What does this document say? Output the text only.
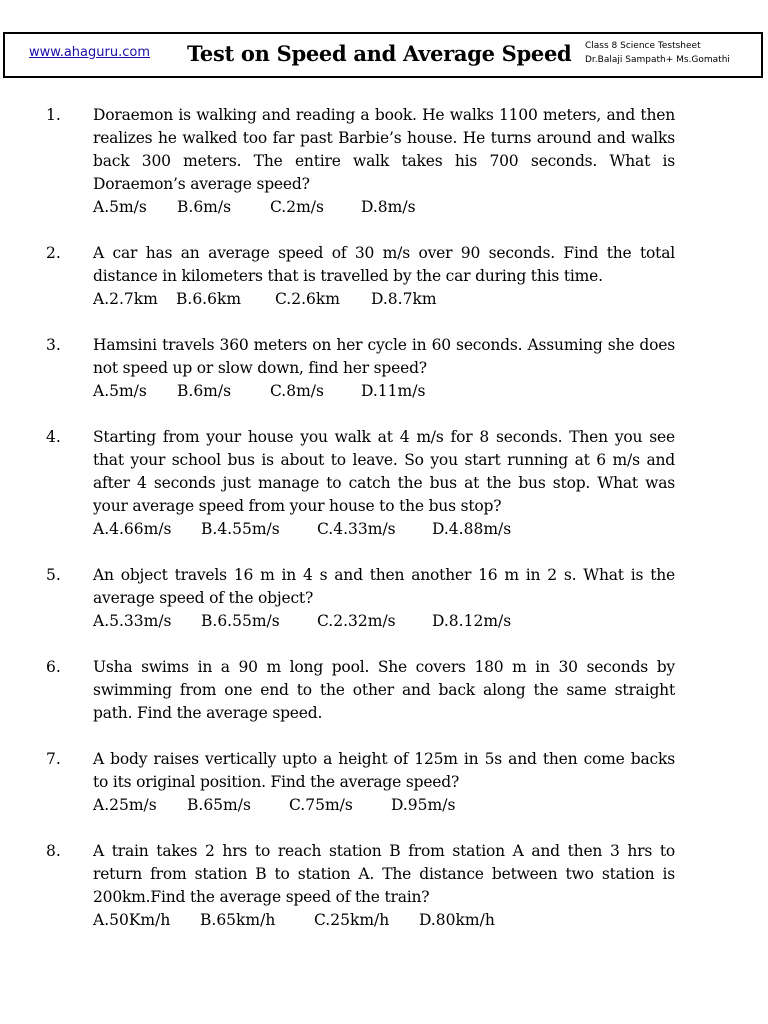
www.ahaguru.com Test on Speed and Average Speed Class 8 Science Testsheet
Dr.Balaji Sampath+ Ms.Gomathi
1. Doraemon is walking and reading a book. He walks 1100 meters, and then realizes he walked too far past Barbie’s house. He turns around and walks back 300 meters. The entire walk takes his 700 seconds. What is Doraemon’s average speed?
A.5m/s B.6m/s	C.2m/s D.8m/s
2. A car has an average speed of 30 m/s over 90 seconds. Find the total distance in kilometers that is travelled by the car during this time.
A.2.7km B.6.6km C.2.6km D.8.7km
3. Hamsini travels 360 meters on her cycle in 60 seconds. Assuming she does not speed up or slow down, find her speed?
A.5m/s B.6m/s	C.8m/s D.11m/s
4. Starting from your house you walk at 4 m/s for 8 seconds. Then you see that your school bus is about to leave. So you start running at 6 m/s and after 4 seconds just manage to catch the bus at the bus stop. What was your average speed from your house to the bus stop?
A.4.66m/s B.4.55m/s C.4.33m/s D.4.88m/s
5. An object travels 16 m in 4 s and then another 16 m in 2 s. What is the average speed of the object?
A.5.33m/s B.6.55m/s C.2.32m/s D.8.12m/s
6. Usha swims in a 90 m long pool. She covers 180 m in 30 seconds by swimming from one end to the other and back along the same straight path. Find the average speed.
7. A body raises vertically upto a height of 125m in 5s and then come backs to its original position. Find the average speed?
A.25m/s B.65m/s C.75m/s D.95m/s
8. A train takes 2 hrs to reach station B from station A and then 3 hrs to return from station B to station A. The distance between two station is 200km.Find the average speed of the train?
A.50Km/h B.65km/h C.25km/h D.80km/h
